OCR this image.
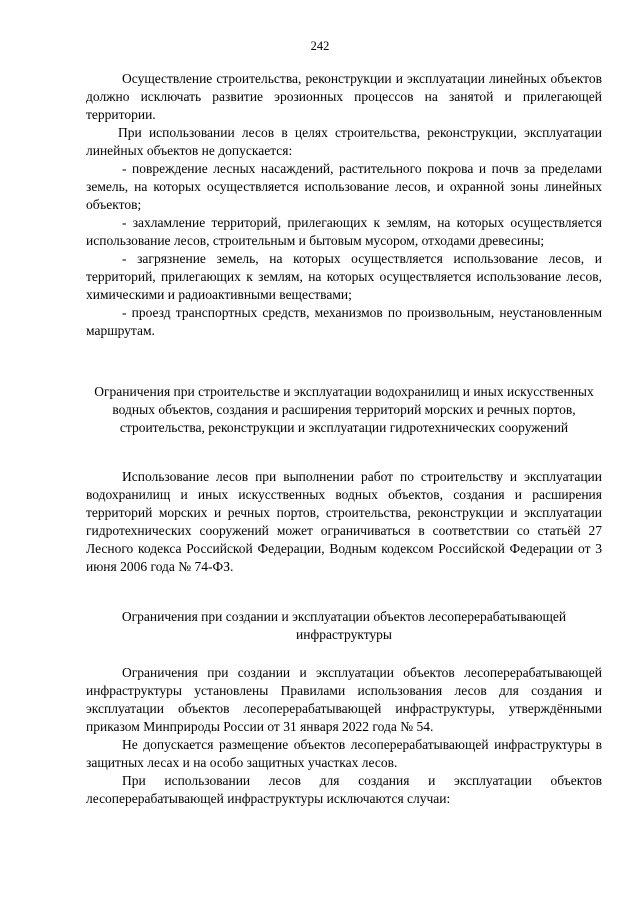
242

Осуществление строительства, реконструкции и эксплуатации линейных объектов должно исключать развитие эрозионных процессов на занятой и прилегающей территории.

При использовании лесов в целях строительства, реконструкции, эксплуатации линейных объектов не допускается:

- повреждение лесных насаждений, растительного покрова и почв за пределами земель, на которых осуществляется использование лесов, и охранной зоны линейных объектов;

- захламление территорий, прилегающих к землям, на которых осуществляется использование лесов, строительным и бытовым мусором, отходами древесины;

- загрязнение земель, на которых осуществляется использование лесов, и территорий, прилегающих к землям, на которых осуществляется использование лесов, химическими и радиоактивными веществами;

- проезд транспортных средств, механизмов по произвольным, неустановленным маршрутам.

Ограничения при строительстве и эксплуатации водохранилищ и иных искусственных водных объектов, создания и расширения территорий морских и речных портов, строительства, реконструкции и эксплуатации гидротехнических сооружений

Использование лесов при выполнении работ по строительству и эксплуатации водохранилищ и иных искусственных водных объектов, создания и расширения территорий морских и речных портов, строительства, реконструкции и эксплуатации гидротехнических сооружений может ограничиваться в соответствии со статьёй 27 Лесного кодекса Российской Федерации, Водным кодексом Российской Федерации от 3 июня 2006 года № 74-ФЗ.

Ограничения при создании и эксплуатации объектов лесоперерабатывающей инфраструктуры

Ограничения при создании и эксплуатации объектов лесоперерабатывающей инфраструктуры установлены Правилами использования лесов для создания и эксплуатации объектов лесоперерабатывающей инфраструктуры, утверждёнными приказом Минприроды России от 31 января 2022 года № 54.

Не допускается размещение объектов лесоперерабатывающей инфраструктуры в защитных лесах и на особо защитных участках лесов.

При использовании лесов для создания и эксплуатации объектов лесоперерабатывающей инфраструктуры исключаются случаи:
